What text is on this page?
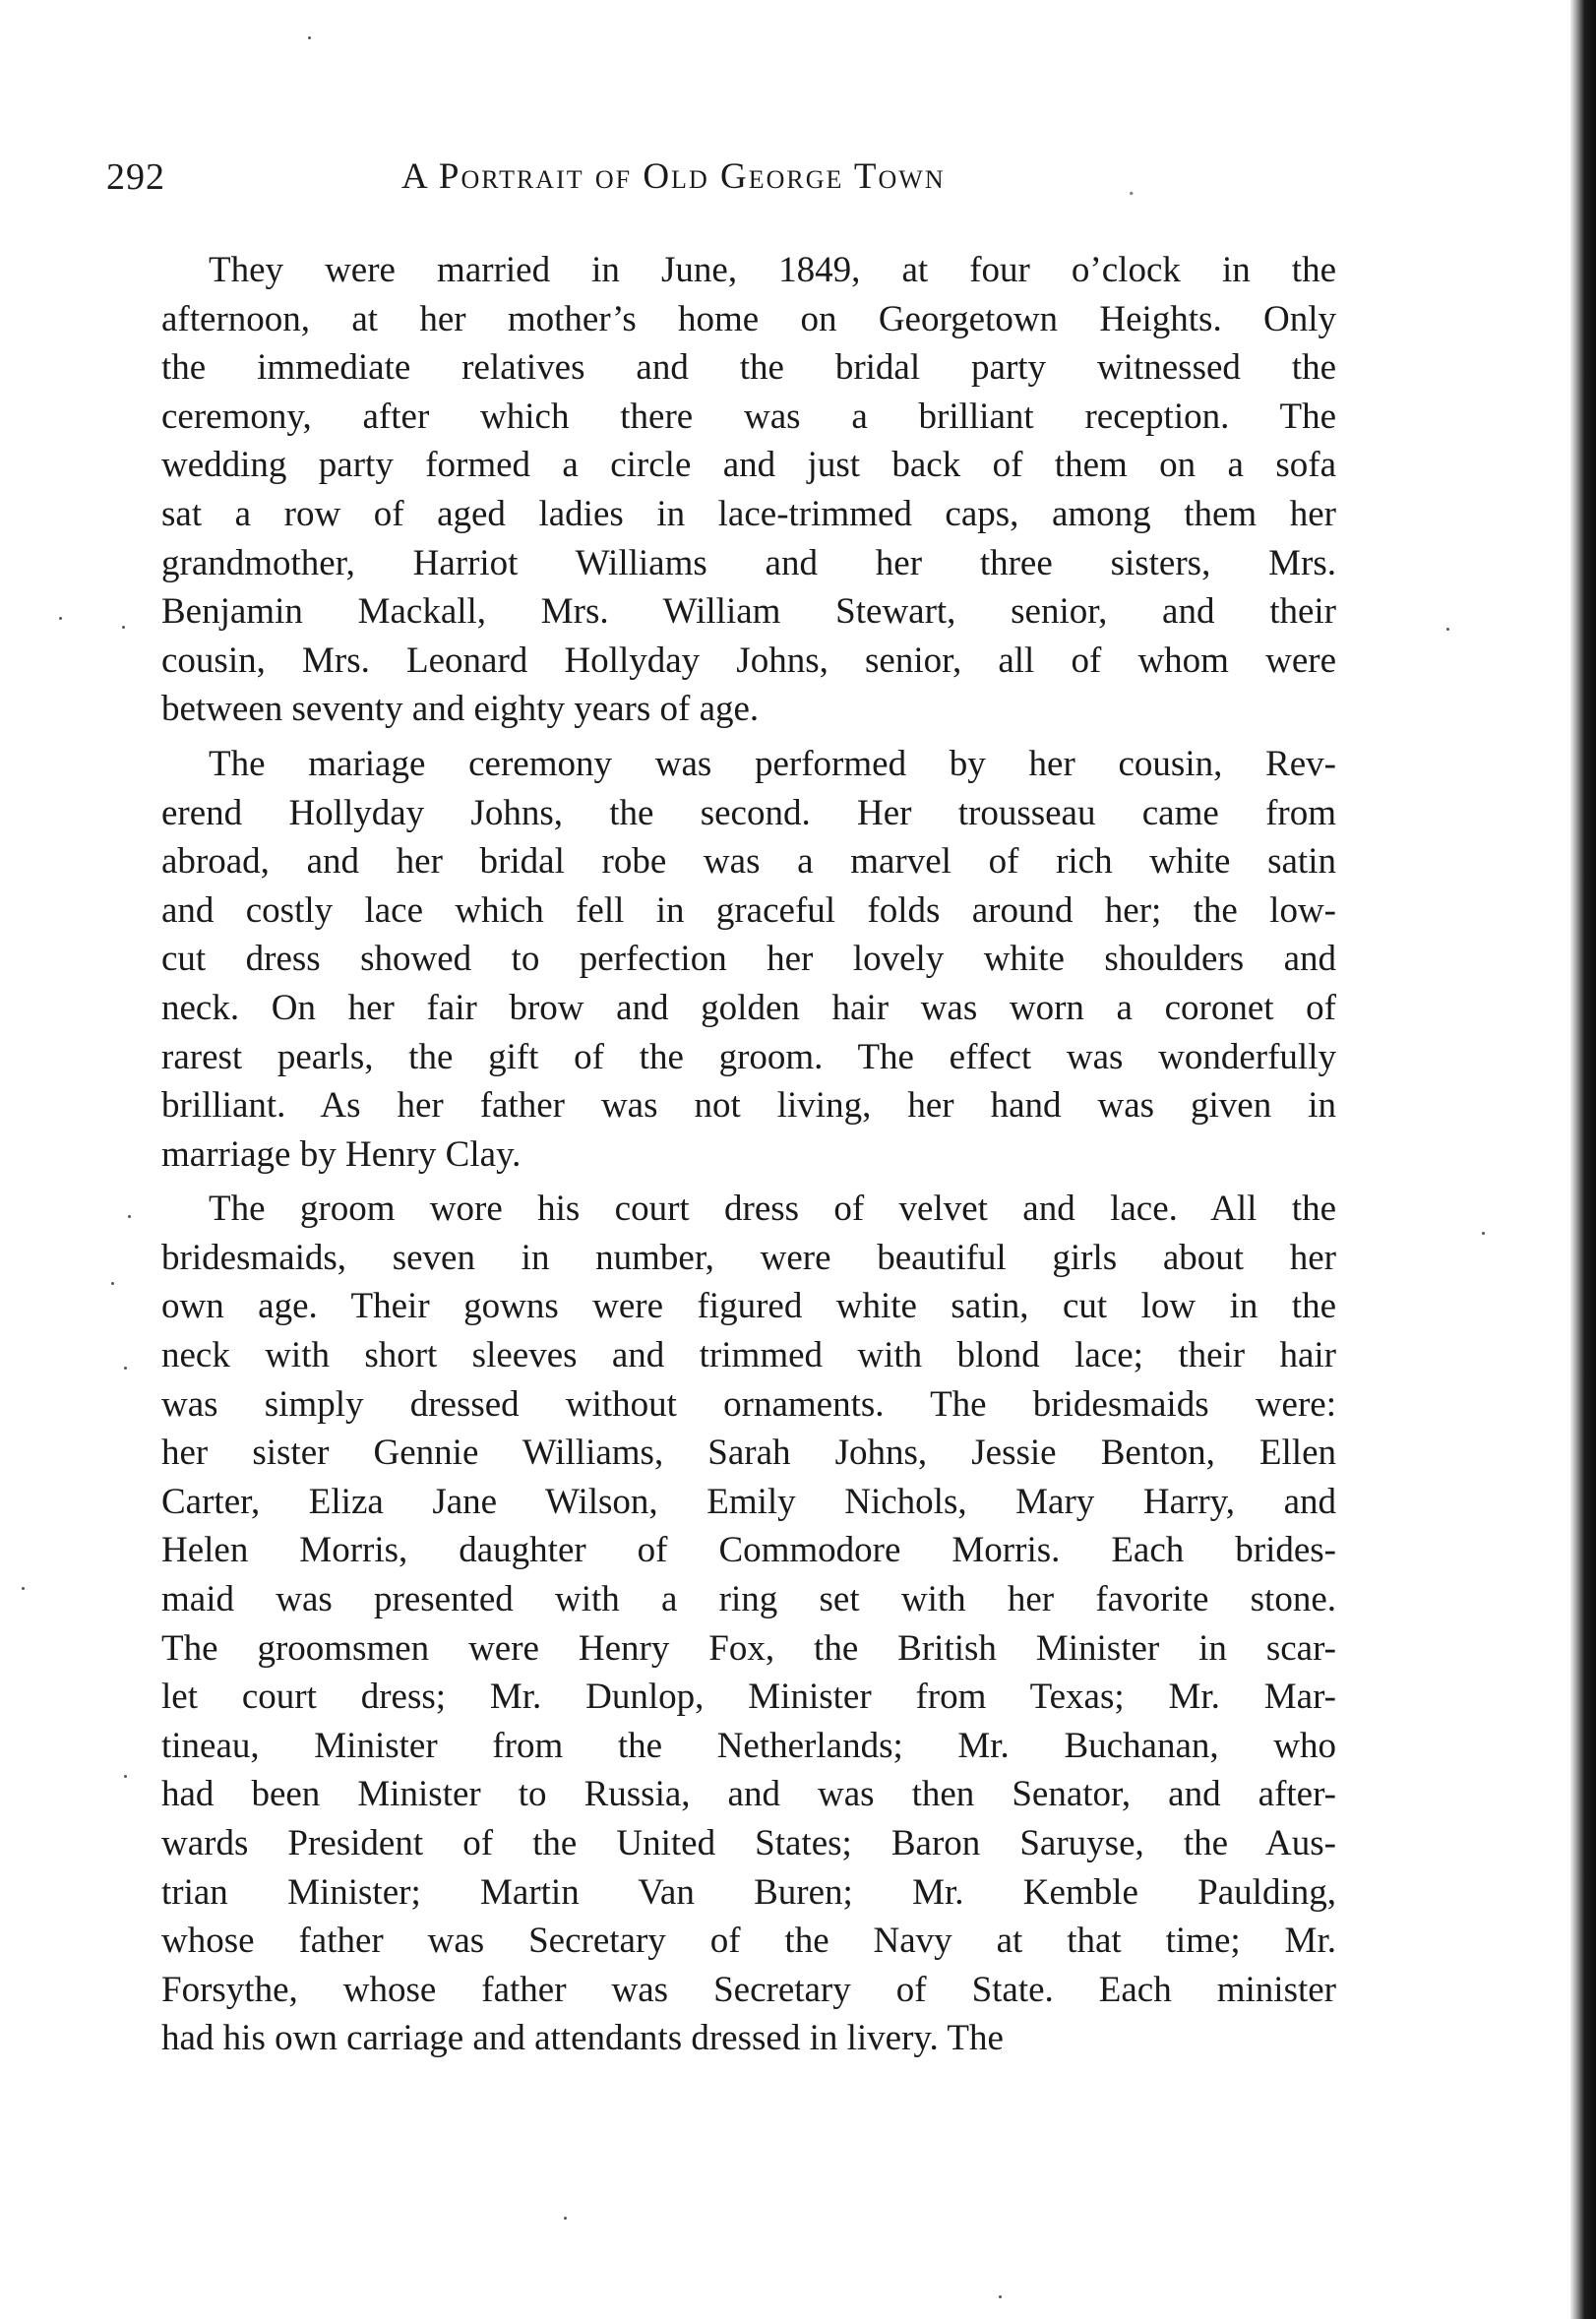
292	A Portrait of Old George Town	.
They were married in June, 1849, at four o’clock in the
afternoon, at her mother’s home on Georgetown Heights. Only
the immediate relatives and the bridal party witnessed the
ceremony, after which there was a brilliant reception. The
wedding party formed a circle and just back of them on a sofa
sat a row of aged ladies in lace-trimmed caps, among them her
grandmother, Harriot Williams and her three sisters, Mrs.
Benjamin Mackall, Mrs. William Stewart, senior, and their
cousin, Mrs. Leonard Hollyday Johns, senior, all of whom were
between seventy and eighty years of age.
The mariage ceremony was performed by her cousin, Rev-
erend Hollyday Johns, the second. Her trousseau came from
abroad, and her bridal robe was a marvel of rich white satin
and costly lace which fell in graceful folds around her; the low-
cut dress showed to perfection her lovely white shoulders and
neck. On her fair brow and golden hair was worn a coronet of
rarest pearls, the gift of the groom. The effect was wonderfully
brilliant. As her father was not living, her hand was given in
marriage by Henry Clay.
The groom wore his court dress of velvet and lace. All the
bridesmaids, seven in number, were beautiful girls about her
own age. Their gowns were figured white satin, cut low in the
neck with short sleeves and trimmed with blond lace; their hair
was simply dressed without ornaments. The bridesmaids were:
her sister Gennie Williams, Sarah Johns, Jessie Benton, Ellen
Carter, Eliza Jane Wilson, Emily Nichols, Mary Harry, and
Helen Morris, daughter of Commodore Morris. Each brides-
maid was presented with a ring set with her favorite stone.
The groomsmen were Henry Fox, the British Minister in scar-
let court dress; Mr. Dunlop, Minister from Texas; Mr. Mar-
tineau, Minister from the Netherlands; Mr. Buchanan, who
had been Minister to Russia, and was then Senator, and after-
wards President of the United States; Baron Saruyse, the Aus-
trian Minister; Martin Van Buren; Mr. Kemble Paulding,
whose father was Secretary of the Navy at that time; Mr.
Forsythe, whose father was Secretary of State. Each minister
had his own carriage and attendants dressed in livery. The
